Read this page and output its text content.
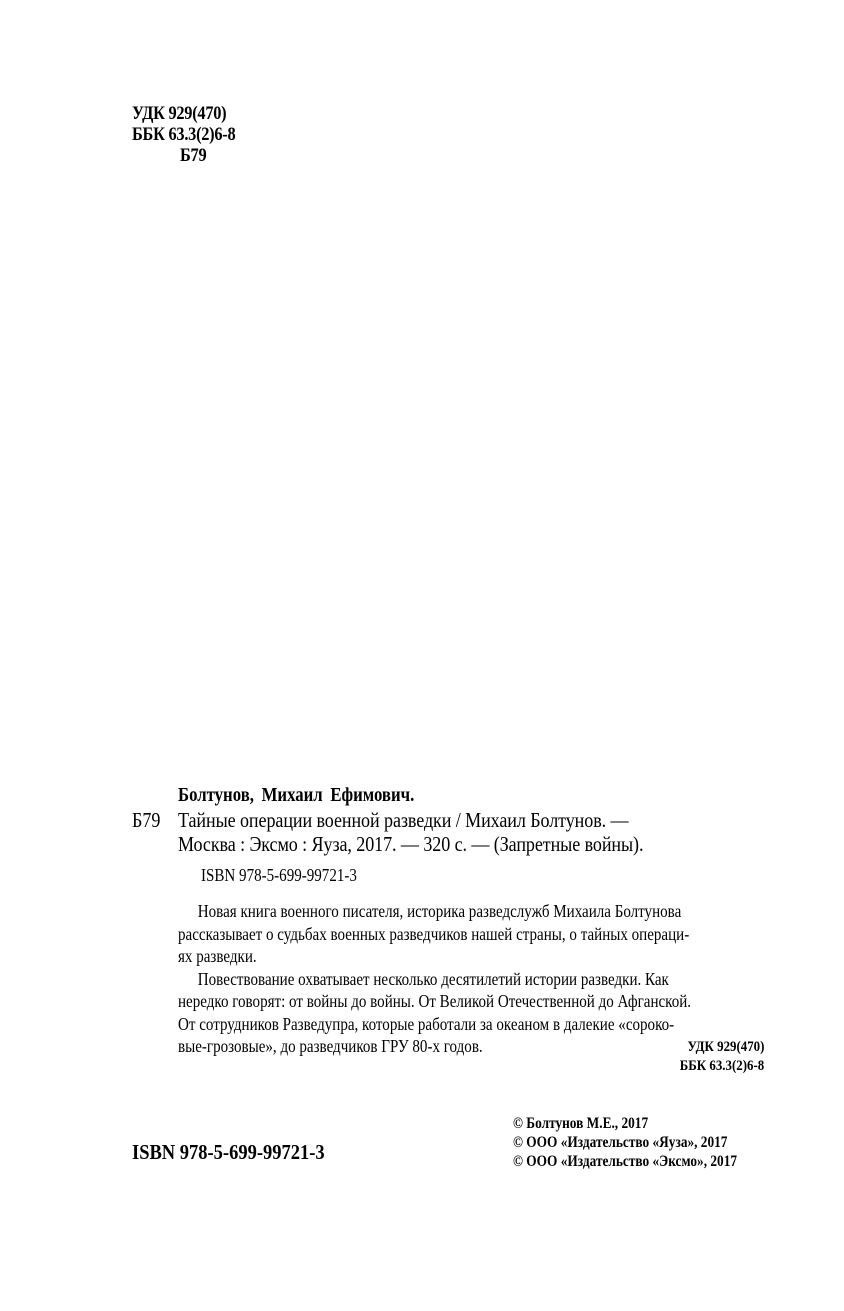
УДК 929(470)
ББК 63.3(2)6-8
Б79
Болтунов, Михаил Ефимович.
Б79 Тайные операции военной разведки / Михаил Болтунов. —
Москва : Эксмо : Яуза, 2017. — 320 с. — (Запретные войны).
ISBN 978-5-699-99721-3
Новая книга военного писателя, историка разведслужб Михаила Болтунова
рассказывает о судьбах военных разведчиков нашей страны, о тайных операци-
ях разведки.
Повествование охватывает несколько десятилетий истории разведки. Как
нередко говорят: от войны до войны. От Великой Отечественной до Афганской.
От сотрудников Разведупра, которые работали за океаном в далекие «сороко-
вые-грозовые», до разведчиков ГРУ 80-х годов.	УДК 929(470)
ББК 63.3(2)6-8
© Болтунов М.Е., 2017
© ООО «Издательство «Яуза», 2017
© ООО «Издательство «Эксмо», 2017
ISBN 978-5-699-99721-3
